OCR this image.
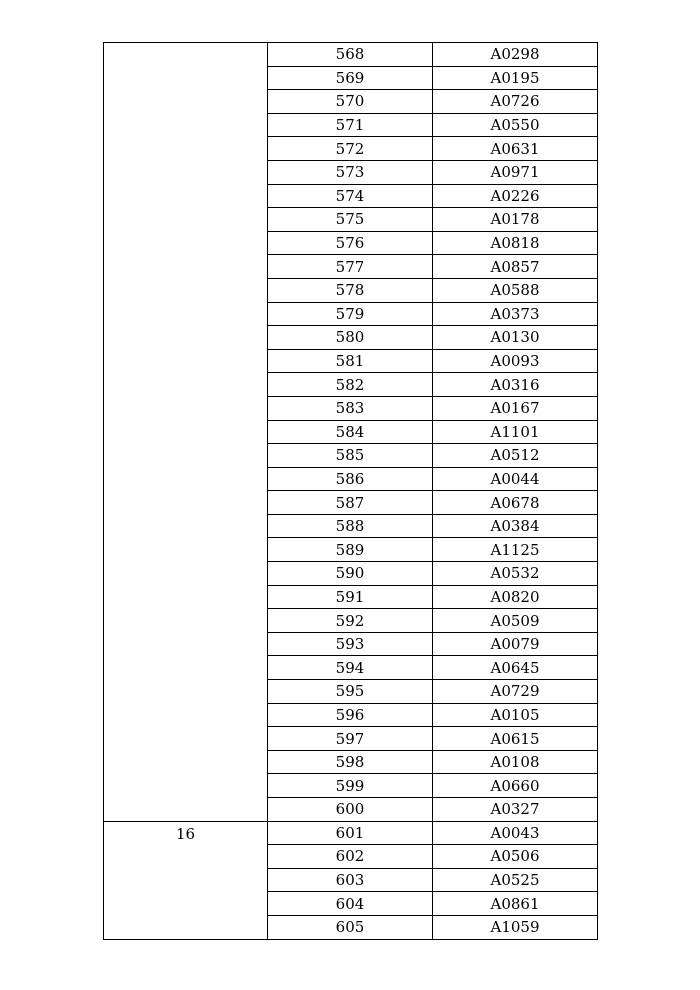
	568	A0298
	569	A0195
	570	A0726
	571	A0550
	572	A0631
	573	A0971
	574	A0226
	575	A0178
	576	A0818
	577	A0857
	578	A0588
	579	A0373
	580	A0130
	581	A0093
	582	A0316
	583	A0167
	584	A1101
	585	A0512
	586	A0044
	587	A0678
	588	A0384
	589	A1125
	590	A0532
	591	A0820
	592	A0509
	593	A0079
	594	A0645
	595	A0729
	596	A0105
	597	A0615
	598	A0108
	599	A0660
	600	A0327

16	601	A0043
	602	A0506
	603	A0525
	604	A0861
	605	A1059
